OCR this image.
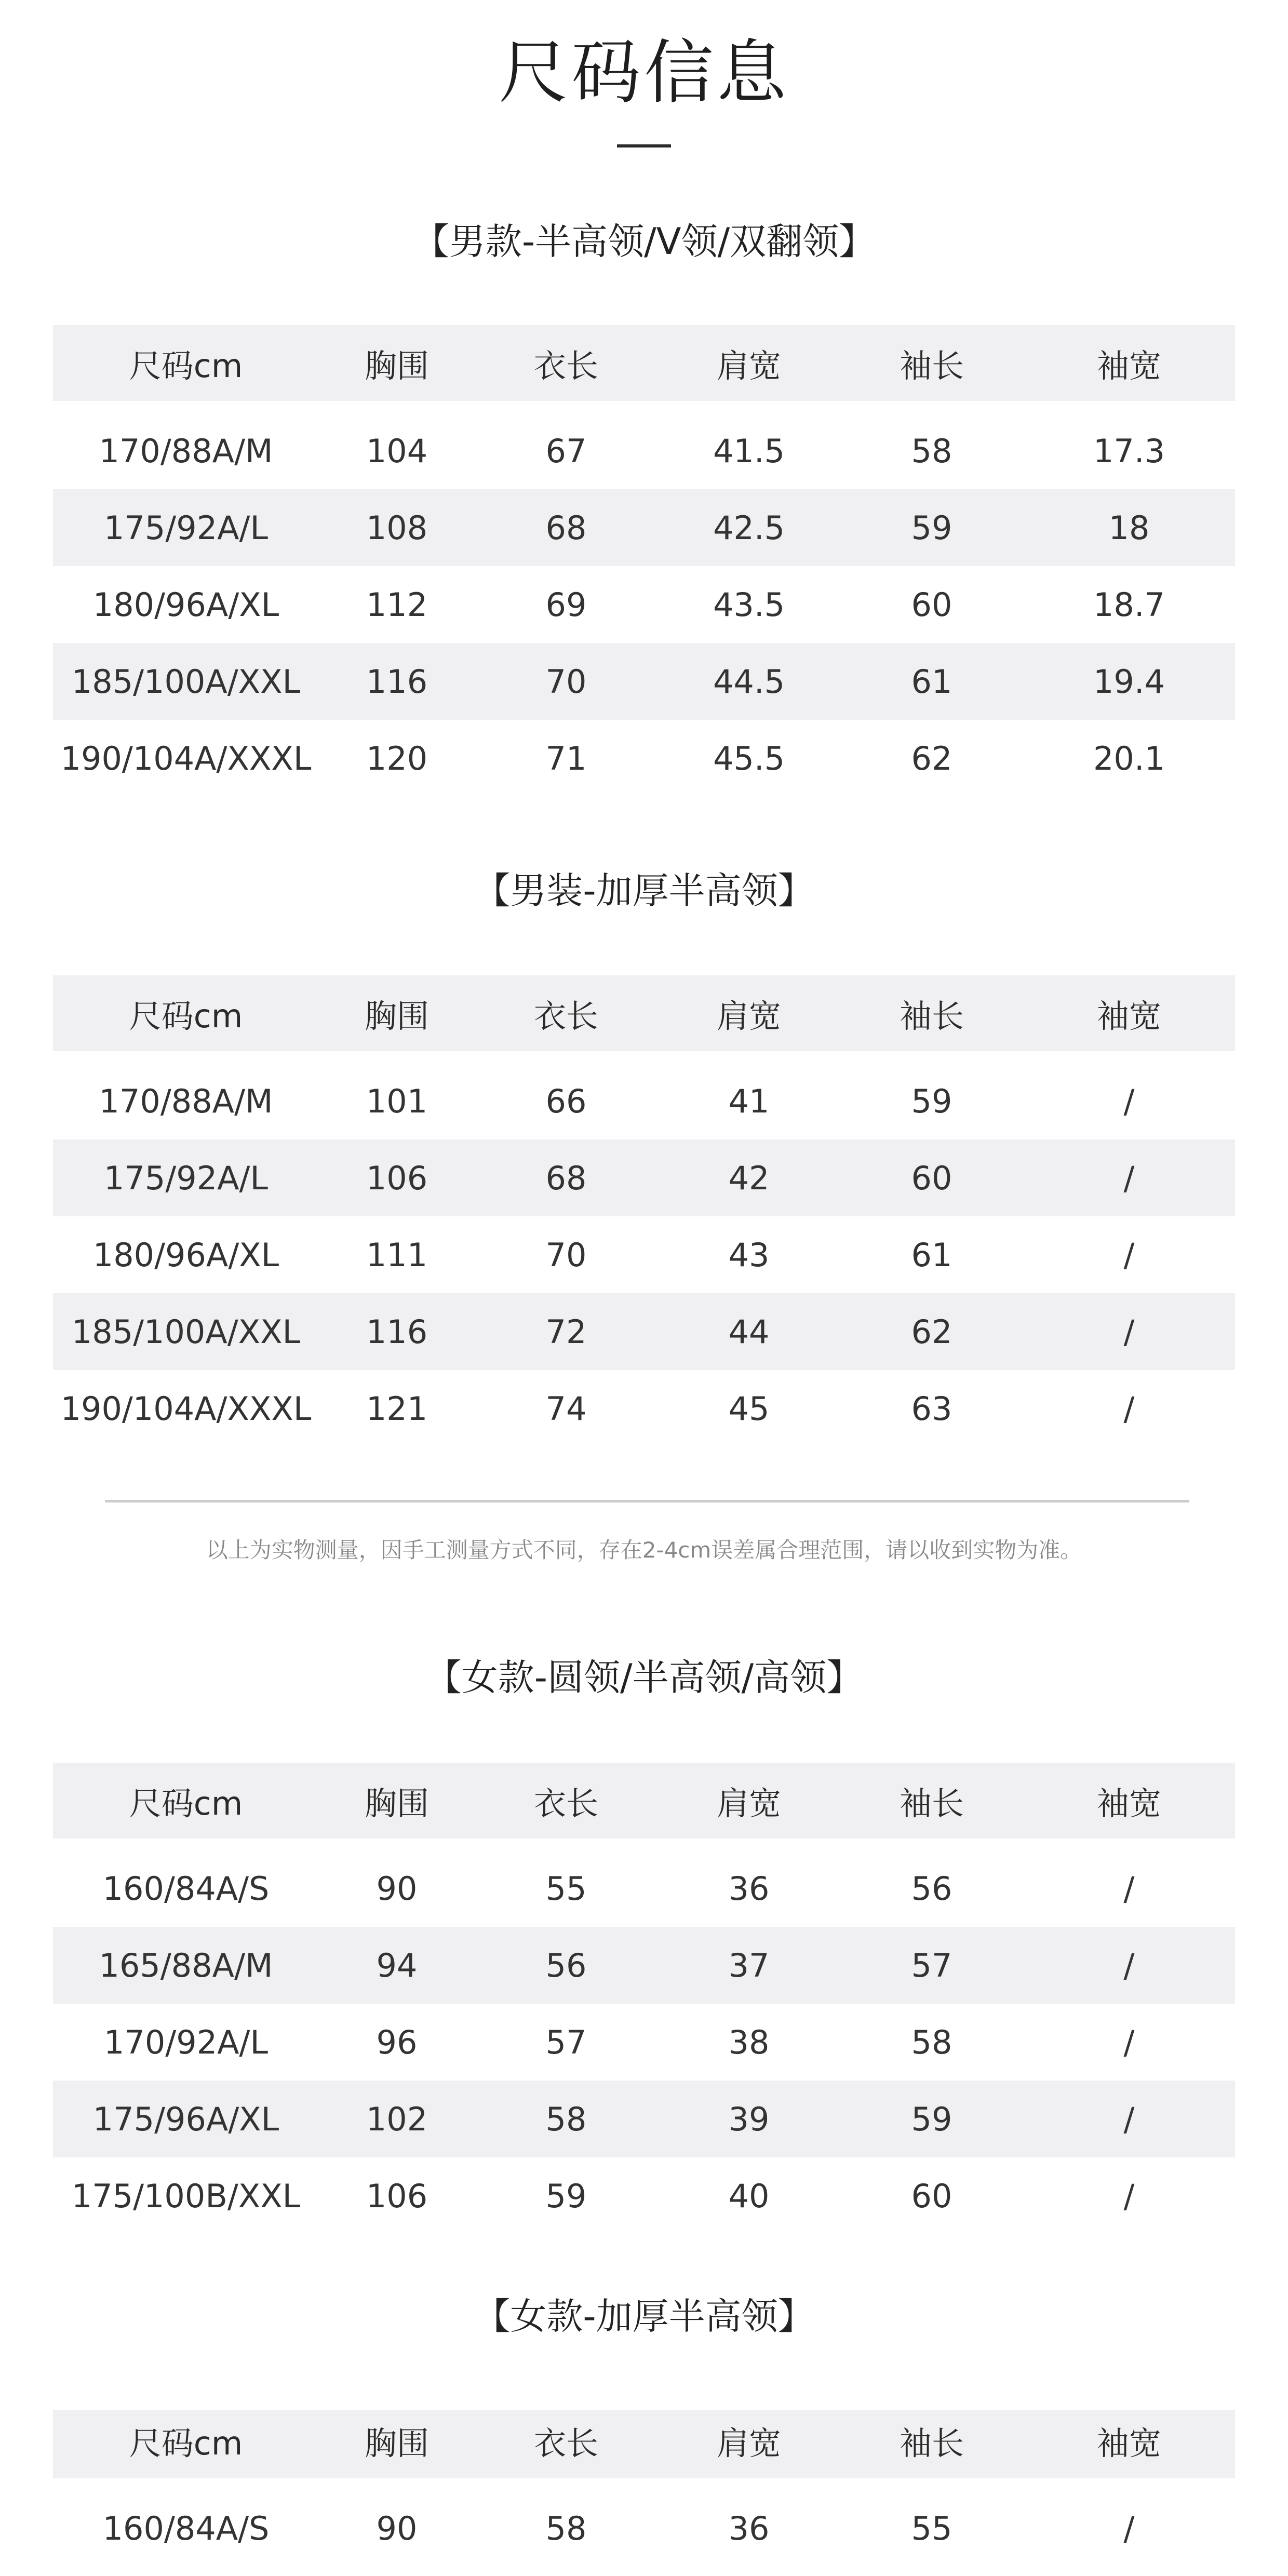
尺码信息
【男款-半高领/V领/双翻领】
尺码cm	胸围	衣长	肩宽	袖长	袖宽

170/88A/M	104	67	41.5	58	17.3
175/92A/L	108	68	42.5	59	18
180/96A/XL	112	69	43.5	60	18.7
185/100A/XXL	116	70	44.5	61	19.4
190/104A/XXXL	120	71	45.5	62	20.1
【男装-加厚半高领】
尺码cm	胸围	衣长	肩宽	袖长	袖宽

170/88A/M	101	66	41	59	/
175/92A/L	106	68	42	60	/
180/96A/XL	111	70	43	61	/
185/100A/XXL	116	72	44	62	/
190/104A/XXXL	121	74	45	63	/
以上为实物测量，因手工测量方式不同，存在2-4cm误差属合理范围，请以收到实物为准。
【女款-圆领/半高领/高领】
尺码cm	胸围	衣长	肩宽	袖长	袖宽

160/84A/S	90	55	36	56	/
165/88A/M	94	56	37	57	/
170/92A/L	96	57	38	58	/
175/96A/XL	102	58	39	59	/
175/100B/XXL	106	59	40	60	/
【女款-加厚半高领】
尺码cm	胸围	衣长	肩宽	袖长	袖宽

160/84A/S	90	58	36	55	/
